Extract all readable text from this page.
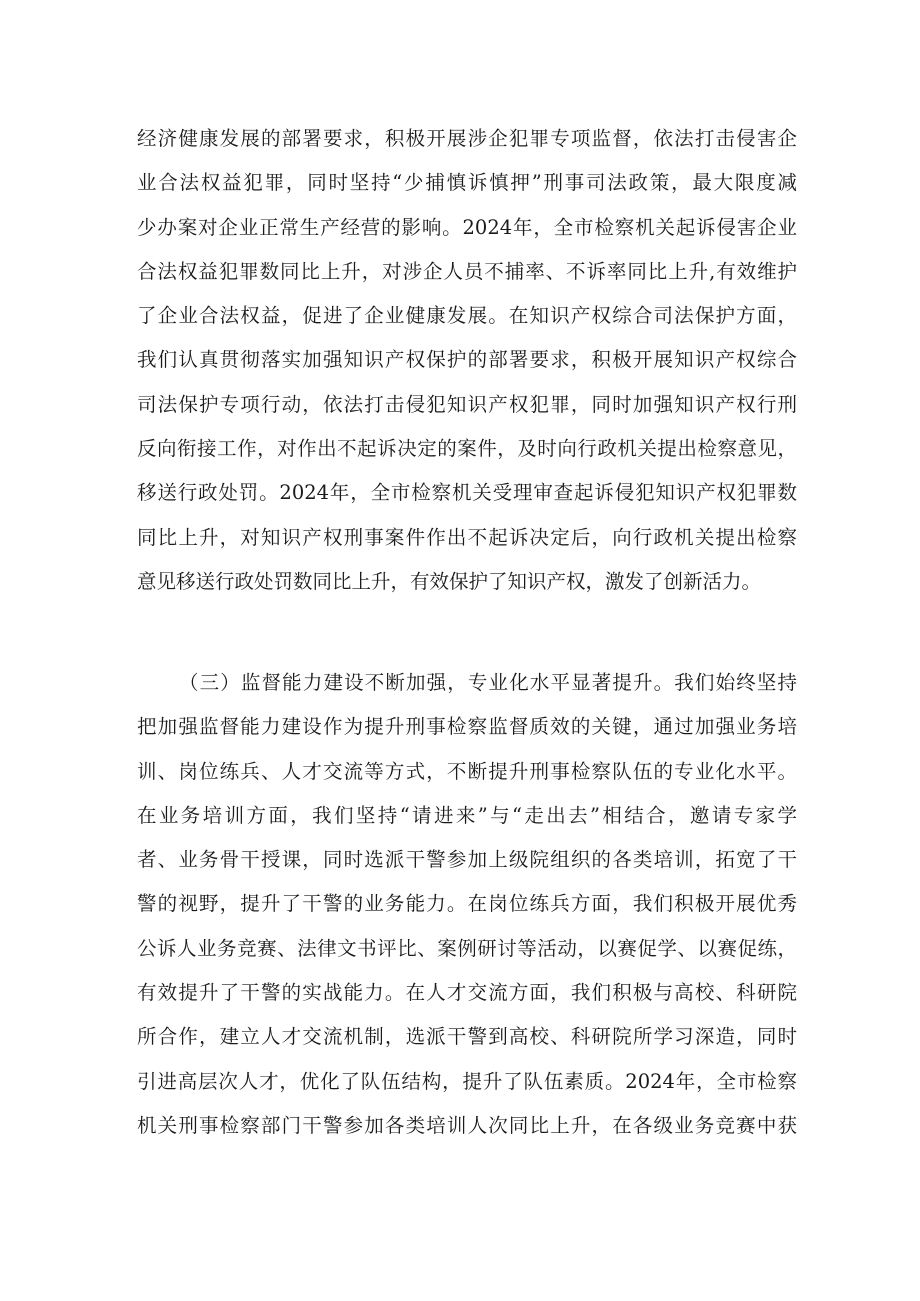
经济健康发展的部署要求，积极开展涉企犯罪专项监督，依法打击侵害企
业合法权益犯罪，同时坚持“少捕慎诉慎押”刑事司法政策，最大限度减
少办案对企业正常生产经营的影响。2024年，全市检察机关起诉侵害企业
合法权益犯罪数同比上升，对涉企人员不捕率、不诉率同比上升,有效维护
了企业合法权益，促进了企业健康发展。在知识产权综合司法保护方面，
我们认真贯彻落实加强知识产权保护的部署要求，积极开展知识产权综合
司法保护专项行动，依法打击侵犯知识产权犯罪，同时加强知识产权行刑
反向衔接工作，对作出不起诉决定的案件，及时向行政机关提出检察意见，
移送行政处罚。2024年，全市检察机关受理审查起诉侵犯知识产权犯罪数
同比上升，对知识产权刑事案件作出不起诉决定后，向行政机关提出检察
意见移送行政处罚数同比上升，有效保护了知识产权，激发了创新活力。
（三）监督能力建设不断加强，专业化水平显著提升。我们始终坚持
把加强监督能力建设作为提升刑事检察监督质效的关键，通过加强业务培
训、岗位练兵、人才交流等方式，不断提升刑事检察队伍的专业化水平。
在业务培训方面，我们坚持“请进来”与“走出去”相结合，邀请专家学
者、业务骨干授课，同时选派干警参加上级院组织的各类培训，拓宽了干
警的视野，提升了干警的业务能力。在岗位练兵方面，我们积极开展优秀
公诉人业务竞赛、法律文书评比、案例研讨等活动，以赛促学、以赛促练，
有效提升了干警的实战能力。在人才交流方面，我们积极与高校、科研院
所合作，建立人才交流机制，选派干警到高校、科研院所学习深造，同时
引进高层次人才，优化了队伍结构，提升了队伍素质。2024年，全市检察
机关刑事检察部门干警参加各类培训人次同比上升，在各级业务竞赛中获
